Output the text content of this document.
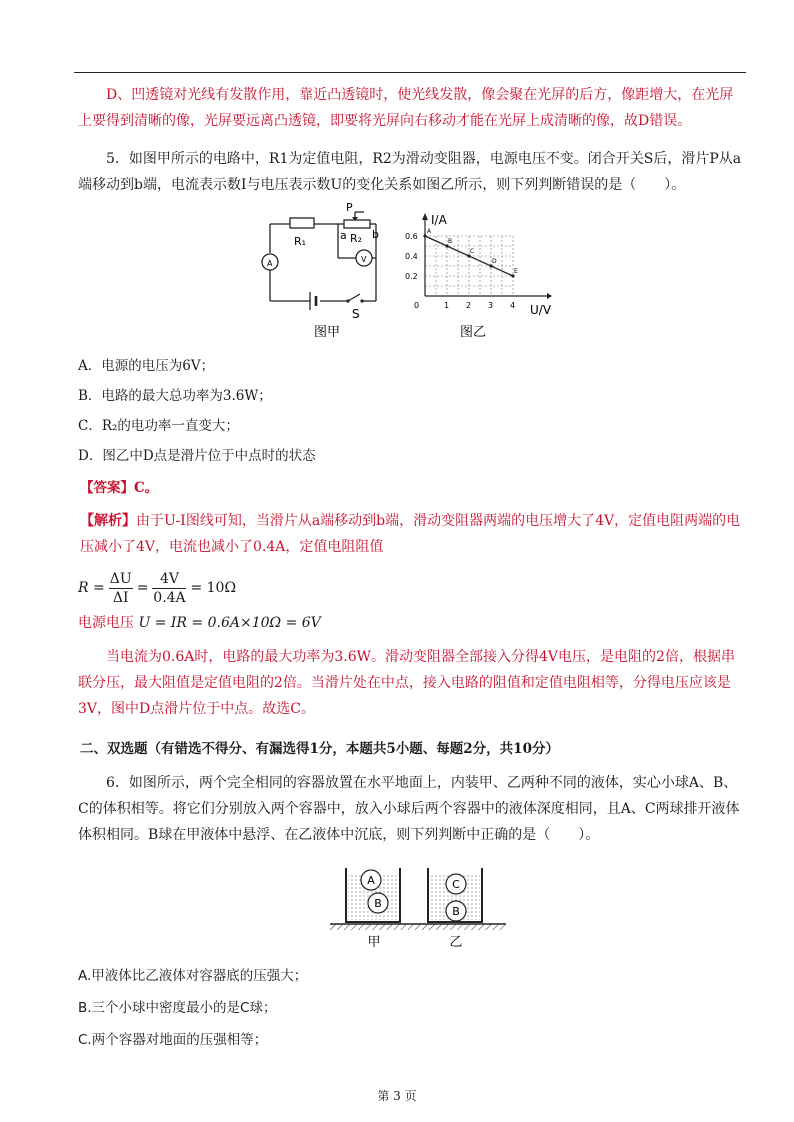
D、凹透镜对光线有发散作用，靠近凸透镜时，使光线发散，像会聚在光屏的后方，像距增大，在光屏上要得到清晰的像，光屏要远离凸透镜，即要将光屏向右移动才能在光屏上成清晰的像，故D错误。

5．如图甲所示的电路中，R1为定值电阻，R2为滑动变阻器，电源电压不变。闭合开关S后，滑片P从a端移动到b端，电流表示数I与电压表示数U的变化关系如图乙所示，则下列判断错误的是（　　）。

R₁
P
a R₂ b
A	V
S
图甲
A
B
C
D
E
I/A
U/V
0.6
0.4
0.2
0	1 2 3 4
图乙
A．电源的电压为6V；
B．电路的最大总功率为3.6W；
C．R₂的电功率一直变大；
D．图乙中D点是滑片位于中点时的状态
【答案】C。

【解析】由于U-I图线可知，当滑片从a端移动到b端，滑动变阻器两端的电压增大了4V，定值电阻两端的电压减小了4V，电流也减小了0.4A，定值电阻阻值

R =
ΔU
ΔI
=
4V
0.4A
= 10Ω
电源电压 U = IR = 0.6A×10Ω = 6V

当电流为0.6A时，电路的最大功率为3.6W。滑动变阻器全部接入分得4V电压，是电阻的2倍，根据串联分压，最大阻值是定值电阻的2倍。当滑片处在中点，接入电路的阻值和定值电阻相等，分得电压应该是3V，图中D点滑片位于中点。故选C。

二、双选题（有错选不得分、有漏选得1分，本题共5小题、每题2分，共10分）

6．如图所示，两个完全相同的容器放置在水平地面上，内装甲、乙两种不同的液体，实心小球A、B、C的体积相等。将它们分别放入两个容器中，放入小球后两个容器中的液体深度相同，且A、C两球排开液体体积相同。B球在甲液体中悬浮、在乙液体中沉底，则下列判断中正确的是（　　）。

A
B
C
B
甲	乙
A.甲液体比乙液体对容器底的压强大；
B.三个小球中密度最小的是C球；
C.两个容器对地面的压强相等；
第 3 页
